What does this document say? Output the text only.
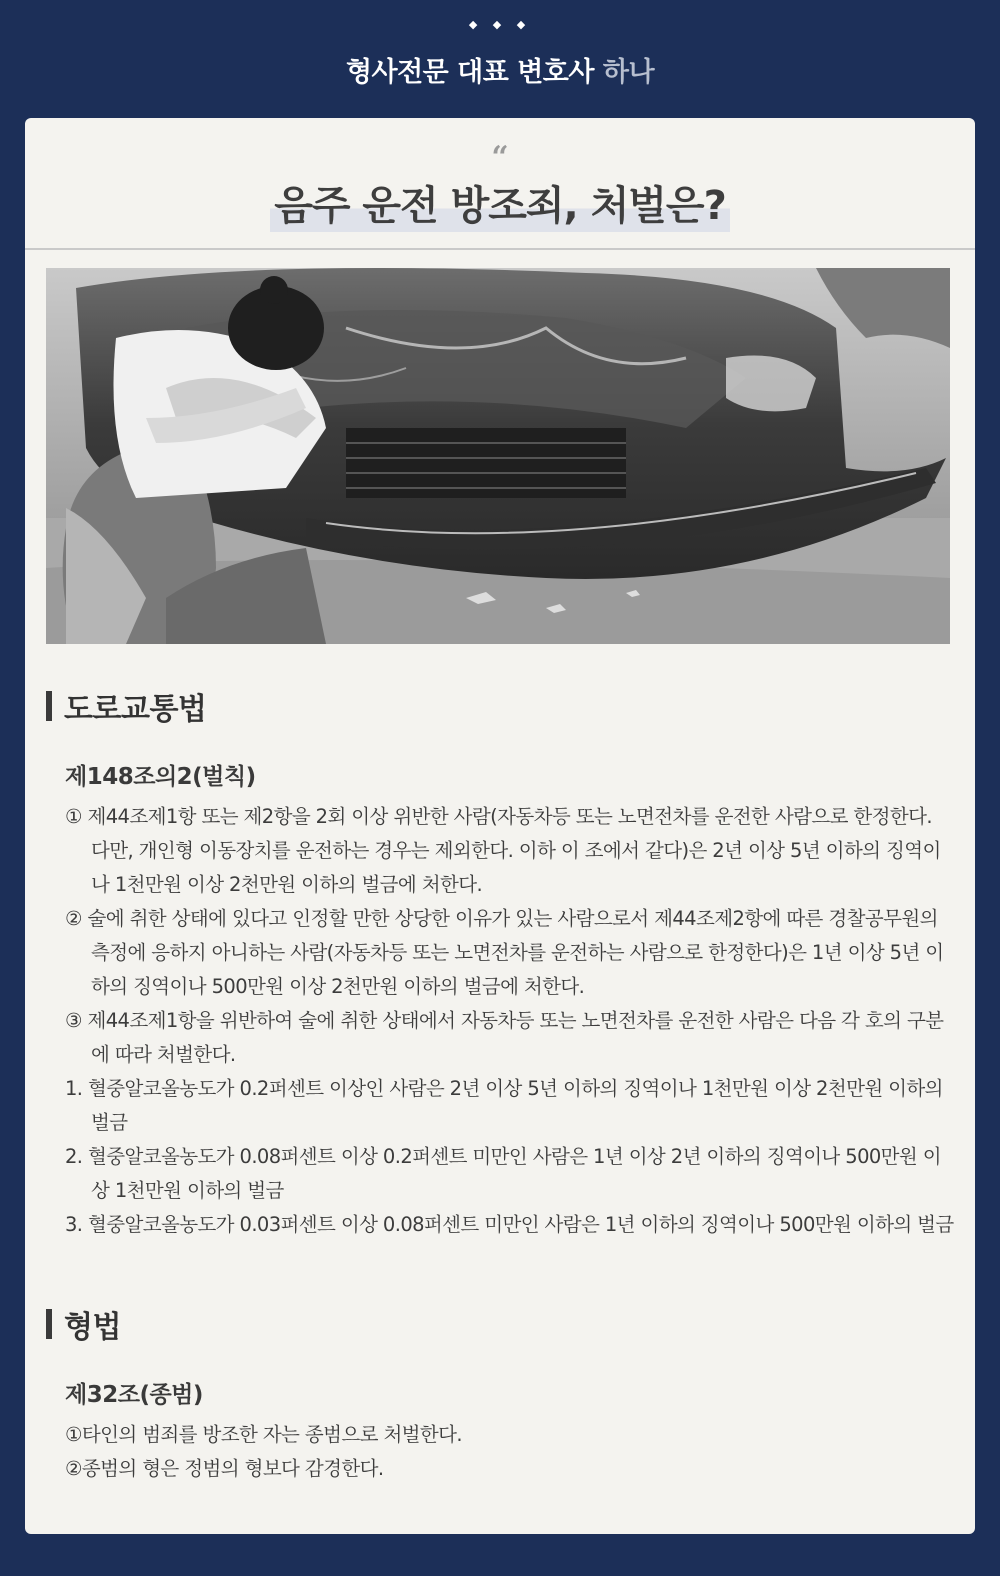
◆ ◆ ◆
형사전문 대표 변호사 하나
“
음주 운전 방조죄, 처벌은?
도로교통법
제148조의2(벌칙)

① 제44조제1항 또는 제2항을 2회 이상 위반한 사람(자동차등 또는 노면전차를 운전한 사람으로 한정한다. 다만, 개인형 이동장치를 운전하는 경우는 제외한다. 이하 이 조에서 같다)은 2년 이상 5년 이하의 징역이나 1천만원 이상 2천만원 이하의 벌금에 처한다.

② 술에 취한 상태에 있다고 인정할 만한 상당한 이유가 있는 사람으로서 제44조제2항에 따른 경찰공무원의 측정에 응하지 아니하는 사람(자동차등 또는 노면전차를 운전하는 사람으로 한정한다)은 1년 이상 5년 이하의 징역이나 500만원 이상 2천만원 이하의 벌금에 처한다.

③ 제44조제1항을 위반하여 술에 취한 상태에서 자동차등 또는 노면전차를 운전한 사람은 다음 각 호의 구분에 따라 처벌한다.

1. 혈중알코올농도가 0.2퍼센트 이상인 사람은 2년 이상 5년 이하의 징역이나 1천만원 이상 2천만원 이하의 벌금

2. 혈중알코올농도가 0.08퍼센트 이상 0.2퍼센트 미만인 사람은 1년 이상 2년 이하의 징역이나 500만원 이상 1천만원 이하의 벌금

3. 혈중알코올농도가 0.03퍼센트 이상 0.08퍼센트 미만인 사람은 1년 이하의 징역이나 500만원 이하의 벌금

형법
제32조(종범)

①타인의 범죄를 방조한 자는 종범으로 처벌한다.

②종범의 형은 정범의 형보다 감경한다.
